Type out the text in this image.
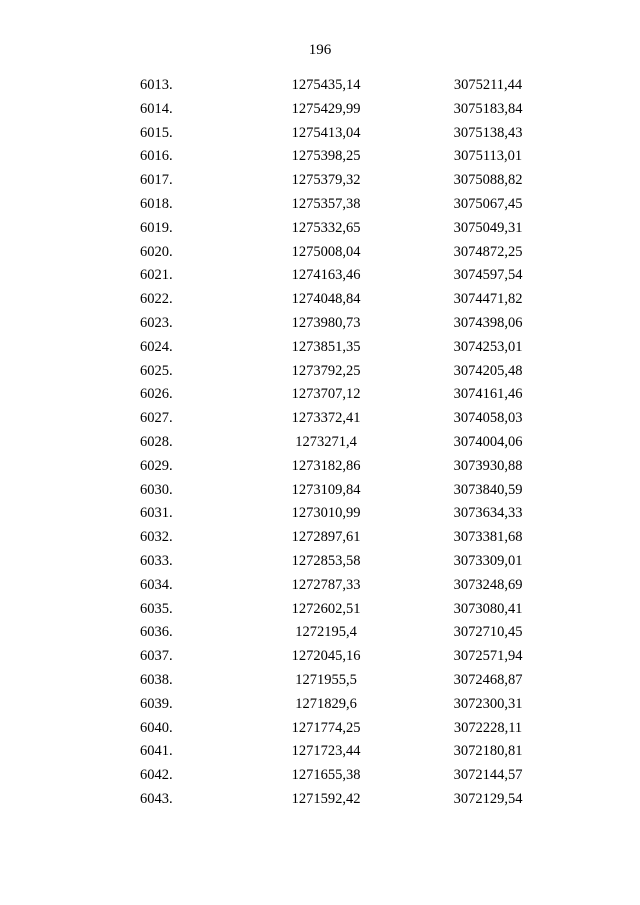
196
6013.	1275435,14	3075211,44
6014.	1275429,99	3075183,84
6015.	1275413,04	3075138,43
6016.	1275398,25	3075113,01
6017.	1275379,32	3075088,82
6018.	1275357,38	3075067,45
6019.	1275332,65	3075049,31
6020.	1275008,04	3074872,25
6021.	1274163,46	3074597,54
6022.	1274048,84	3074471,82
6023.	1273980,73	3074398,06
6024.	1273851,35	3074253,01
6025.	1273792,25	3074205,48
6026.	1273707,12	3074161,46
6027.	1273372,41	3074058,03
6028.	1273271,4	3074004,06
6029.	1273182,86	3073930,88
6030.	1273109,84	3073840,59
6031.	1273010,99	3073634,33
6032.	1272897,61	3073381,68
6033.	1272853,58	3073309,01
6034.	1272787,33	3073248,69
6035.	1272602,51	3073080,41
6036.	1272195,4	3072710,45
6037.	1272045,16	3072571,94
6038.	1271955,5	3072468,87
6039.	1271829,6	3072300,31
6040.	1271774,25	3072228,11
6041.	1271723,44	3072180,81
6042.	1271655,38	3072144,57
6043.	1271592,42	3072129,54
